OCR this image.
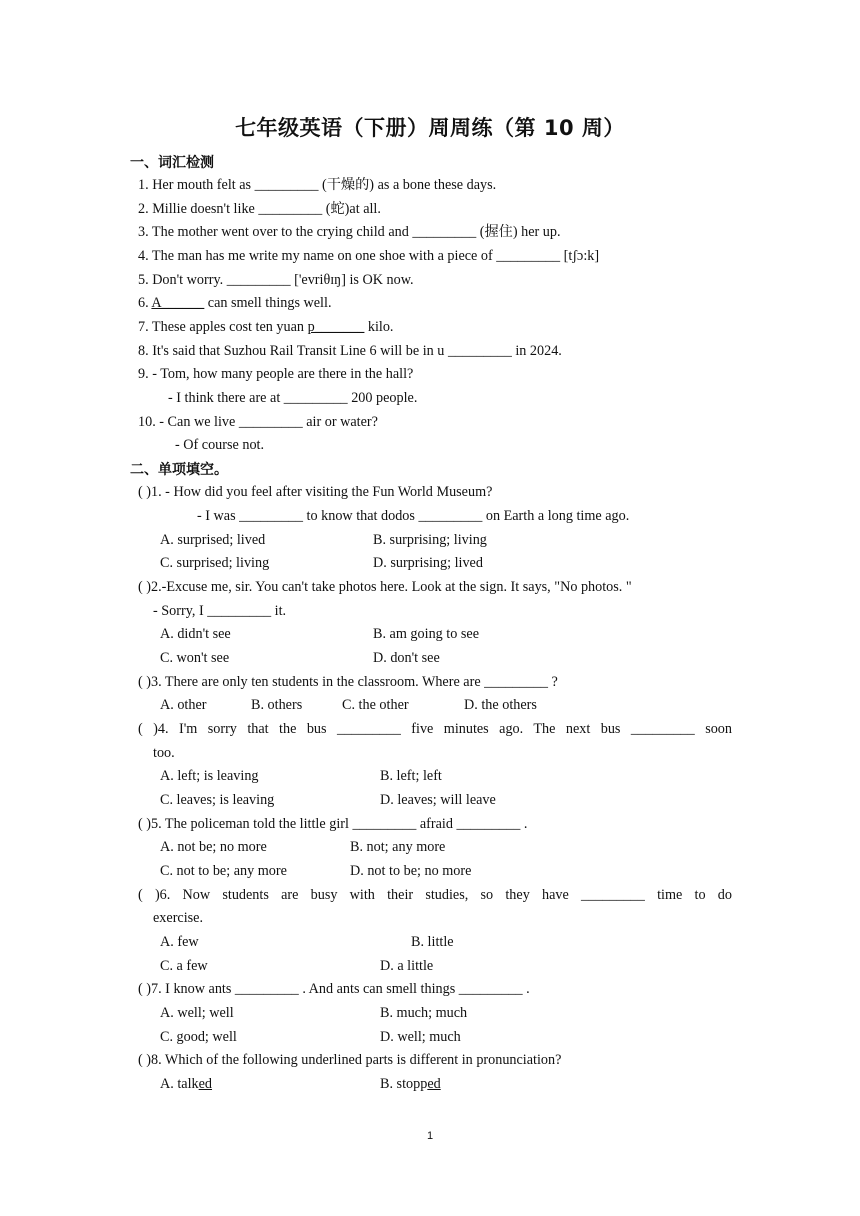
七年级英语（下册）周周练（第 10 周）
一、词汇检测
1. Her mouth felt as _________ (干燥的) as a bone these days.
2. Millie doesn't like _________ (蛇)at all.
3. The mother went over to the crying child and _________ (握住) her up.
4. The man has me write my name on one shoe with a piece of _________ [tʃɔ:k]
5. Don't worry. _________ ['evriθɪŋ] is OK now.
6. A______ can smell things well.
7. These apples cost ten yuan p_______ kilo.
8. It's said that Suzhou Rail Transit Line 6 will be in u _________ in 2024.
9. - Tom, how many people are there in the hall?
- I think there are at _________ 200 people.
10. - Can we live _________ air or water?
- Of course not.
二、单项填空。
( )1. - How did you feel after visiting the Fun World Museum?
- I was _________ to know that dodos _________ on Earth a long time ago.
A. surprised; lived	B. surprising; living
C. surprised; living	D. surprising; lived
( )2.-Excuse me, sir. You can't take photos here. Look at the sign. It says, "No photos. "
- Sorry, I _________ it.
A. didn't see	B. am going to see
C. won't see	D. don't see
( )3. There are only ten students in the classroom. Where are _________ ?
A. other	B. others	C. the other	D. the others
( )4. I'm sorry that the bus _________ five minutes ago. The next bus _________ soon
too.
A. left; is leaving	B. left; left
C. leaves; is leaving	D. leaves; will leave
( )5. The policeman told the little girl _________ afraid _________ .
A. not be; no more	B. not; any more
C. not to be; any more	D. not to be; no more
( )6. Now students are busy with their studies, so they have _________ time to do
exercise.
A. few	B. little
C. a few	D. a little
( )7. I know ants _________ . And ants can smell things _________ .
A. well; well	B. much; much
C. good; well	D. well; much
( )8. Which of the following underlined parts is different in pronunciation?
A. talked	B. stopped
1
